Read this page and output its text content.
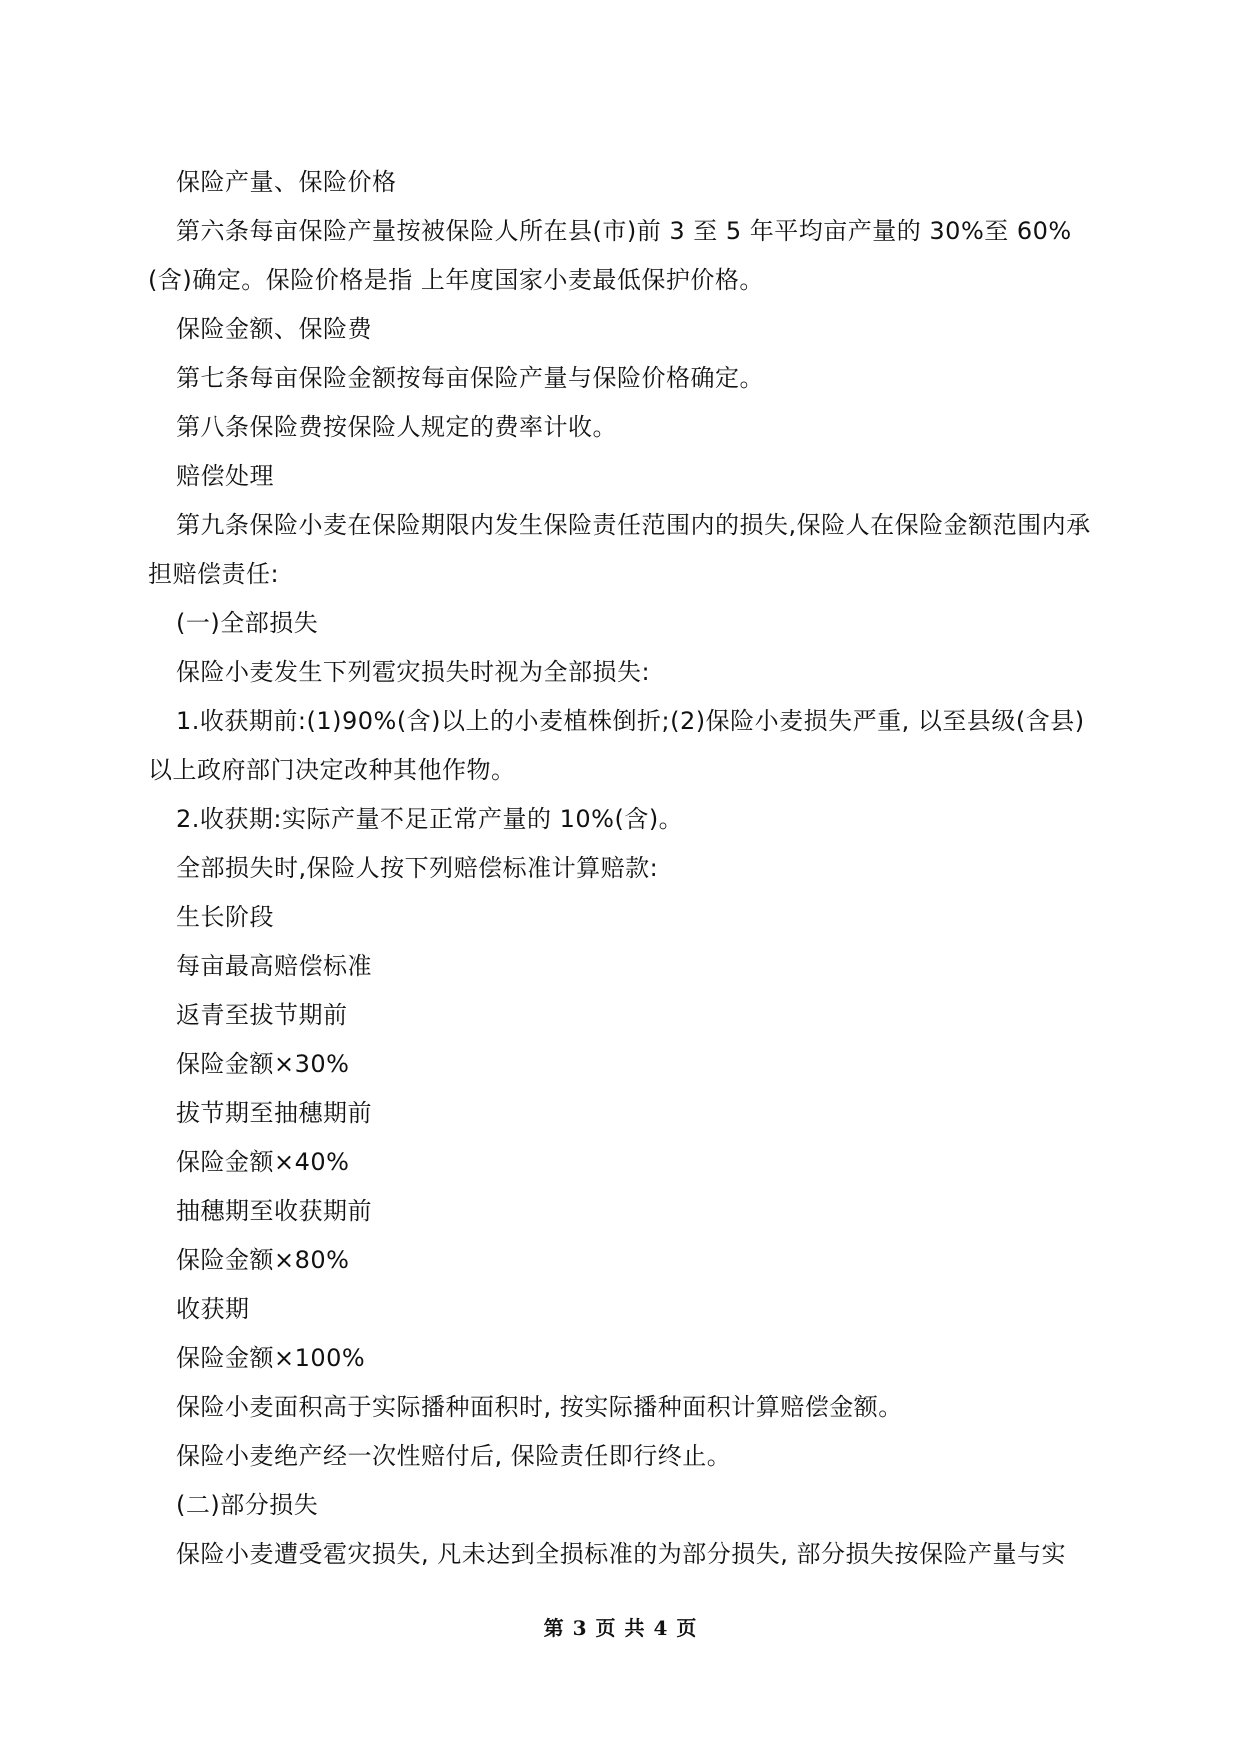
保险产量、保险价格

第六条每亩保险产量按被保险人所在县(市)前 3 至 5 年平均亩产量的 30%至 60%(含)确定。保险价格是指 上年度国家小麦最低保护价格。

保险金额、保险费

第七条每亩保险金额按每亩保险产量与保险价格确定。

第八条保险费按保险人规定的费率计收。

赔偿处理

第九条保险小麦在保险期限内发生保险责任范围内的损失,保险人在保险金额范围内承担赔偿责任:

(一)全部损失

保险小麦发生下列雹灾损失时视为全部损失:

1.收获期前:(1)90%(含)以上的小麦植株倒折;(2)保险小麦损失严重, 以至县级(含县)以上政府部门决定改种其他作物。

2.收获期:实际产量不足正常产量的 10%(含)。

全部损失时,保险人按下列赔偿标准计算赔款:

生长阶段

每亩最高赔偿标准

返青至拔节期前

保险金额×30%

拔节期至抽穗期前

保险金额×40%

抽穗期至收获期前

保险金额×80%

收获期

保险金额×100%

保险小麦面积高于实际播种面积时, 按实际播种面积计算赔偿金额。

保险小麦绝产经一次性赔付后, 保险责任即行终止。

(二)部分损失

保险小麦遭受雹灾损失, 凡未达到全损标准的为部分损失, 部分损失按保险产量与实

第 3 页 共 4 页
